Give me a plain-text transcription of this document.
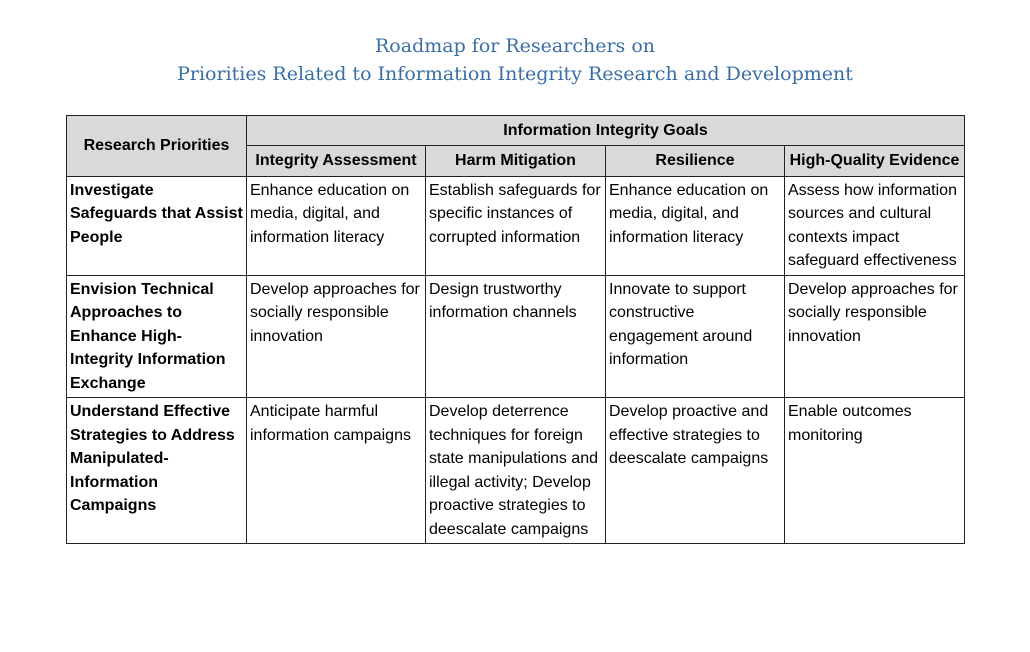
Roadmap for Researchers on
Priorities Related to Information Integrity Research and Development
Research Priorities	Information Integrity Goals			
	Integrity Assessment	Harm Mitigation	Resilience	High-Quality Evidence
Investigate Safeguards that Assist People	Enhance education on media, digital, and information literacy	Establish safeguards for specific instances of corrupted information	Enhance education on media, digital, and information literacy	Assess how information sources and cultural contexts impact safeguard effectiveness
Envision Technical Approaches to Enhance High-Integrity Information Exchange	Develop approaches for socially responsible innovation	Design trustworthy information channels	Innovate to support constructive engagement around information	Develop approaches for socially responsible innovation
Understand Effective Strategies to Address Manipulated-Information Campaigns	Anticipate harmful information campaigns	Develop deterrence techniques for foreign state manipulations and illegal activity; Develop proactive strategies to deescalate campaigns	Develop proactive and effective strategies to deescalate campaigns	Enable outcomes monitoring
